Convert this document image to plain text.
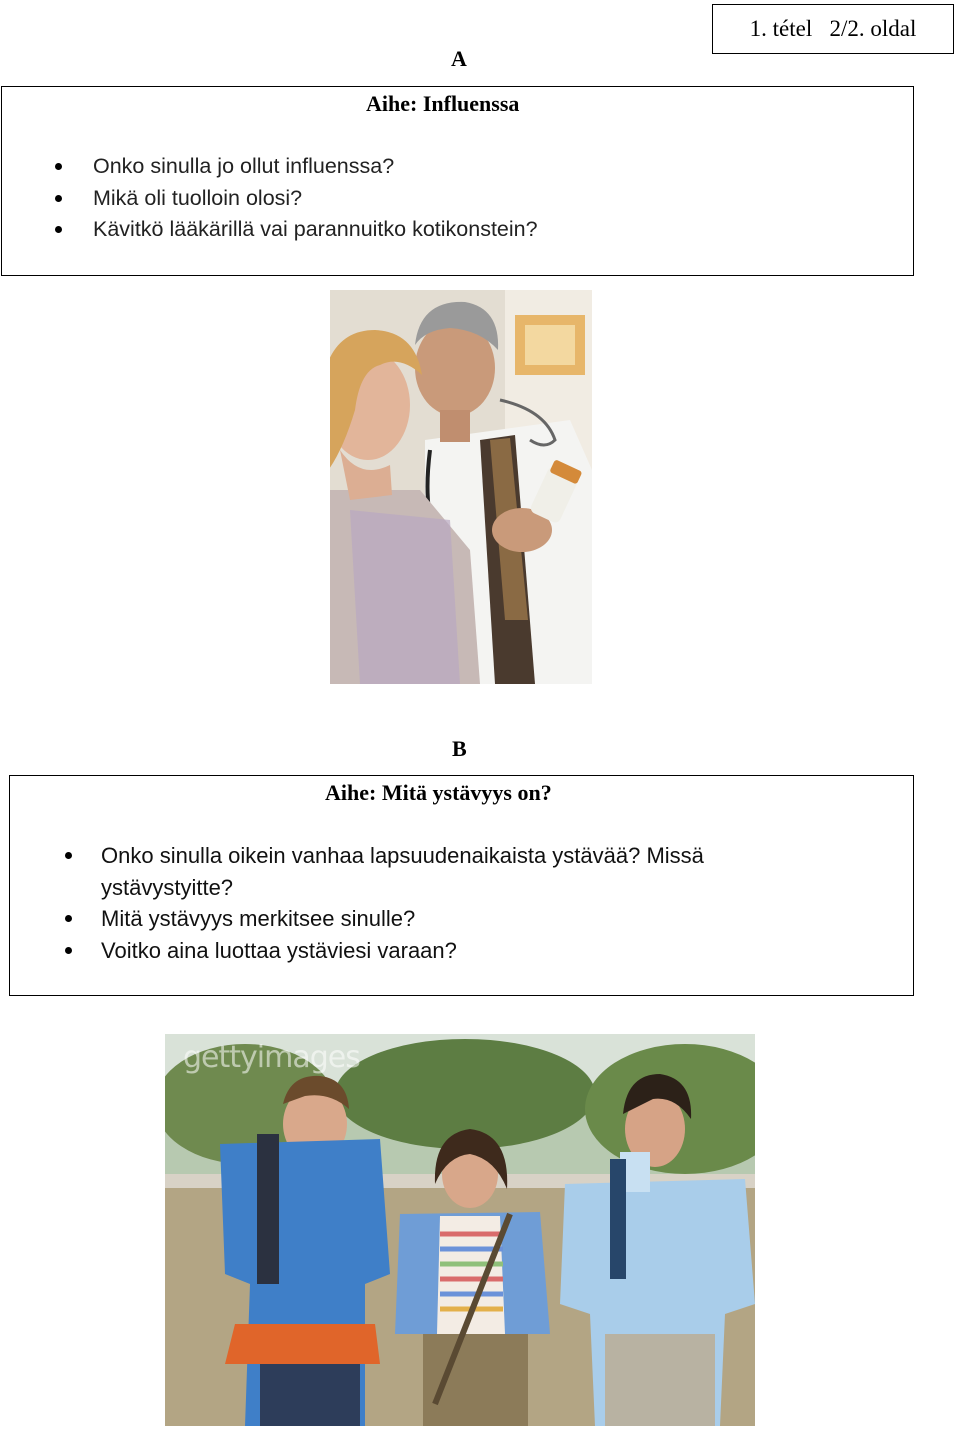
1. tétel   2/2. oldal
A
Aihe: Influenssa
Onko sinulla jo ollut influenssa?
Mikä oli tuolloin olosi?
Kävitkö lääkärillä vai parannuitko kotikonstein?
B
Aihe: Mitä ystävyys on?
Onko sinulla oikein vanhaa lapsuudenaikaista ystävää? Missä ystävystyitte?
Mitä ystävyys merkitsee sinulle?
Voitko aina luottaa ystäviesi varaan?
gettyimages
